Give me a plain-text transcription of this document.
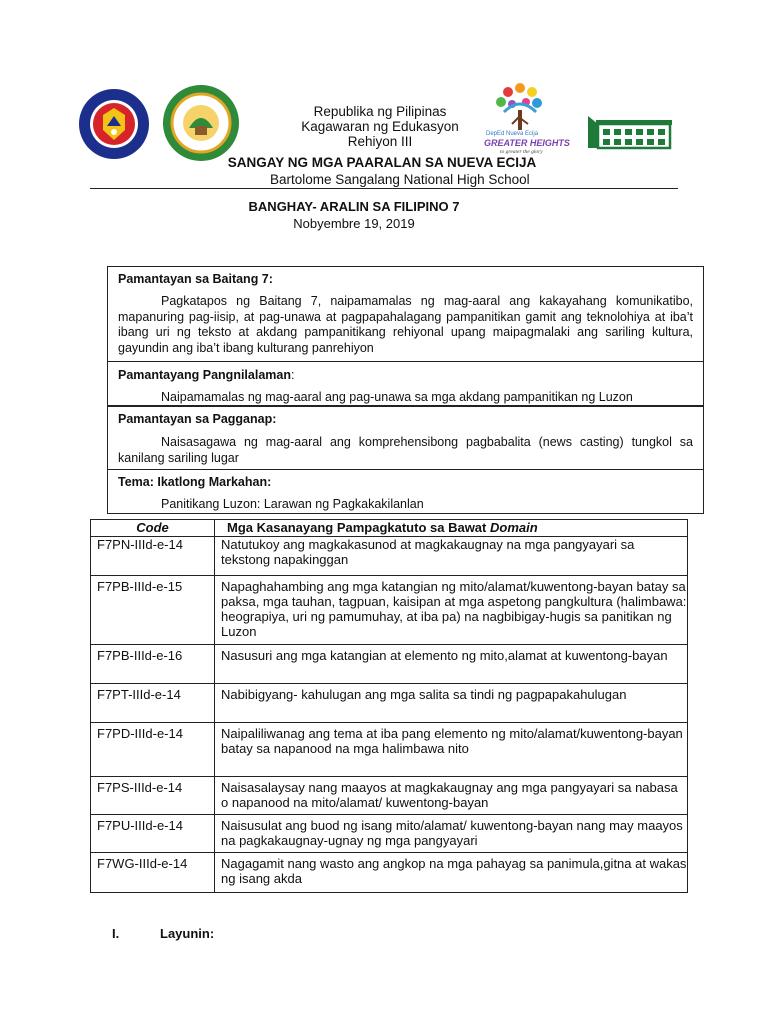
DepEd Nueva Ecija
GREATER HEIGHTS
to greater the glory
Republika ng Pilipinas
Kagawaran ng Edukasyon
Rehiyon III
SANGAY NG MGA PAARALAN SA NUEVA ECIJA
Bartolome Sangalang National High School
BANGHAY- ARALIN SA FILIPINO 7
Nobyembre 19, 2019
Pamantayan sa Baitang 7:
Pagkatapos ng Baitang 7, naipamamalas ng mag-aaral ang kakayahang komunikatibo, mapanuring pag-iisip, at pag-unawa at pagpapahalagang pampanitikan gamit ang teknolohiya at iba’t ibang uri ng teksto at akdang pampanitikang rehiyonal upang maipagmalaki ang sariling kultura, gayundin ang iba’t ibang kulturang panrehiyon
Pamantayang Pangnilalaman:
Naipamamalas ng mag-aaral ang pag-unawa sa mga akdang pampanitikan ng Luzon
Pamantayan sa Pagganap:
Naisasagawa ng mag-aaral ang komprehensibong pagbabalita (news casting) tungkol sa kanilang sariling lugar
Tema: Ikatlong Markahan:
Panitikang Luzon: Larawan ng Pagkakakilanlan
Code	Mga Kasanayang Pampagkatuto sa Bawat Domain
F7PN-IIId-e-14	Natutukoy ang magkakasunod at magkakaugnay na mga pangyayari sa tekstong napakinggan
F7PB-IIId-e-15	Napaghahambing ang mga katangian ng mito/alamat/kuwentong-bayan batay sa paksa, mga tauhan, tagpuan, kaisipan at mga aspetong pangkultura (halimbawa: heograpiya, uri ng pamumuhay, at iba pa) na nagbibigay-hugis sa panitikan ng Luzon
F7PB-IIId-e-16	Nasusuri ang mga katangian at elemento ng mito,alamat at kuwentong-bayan
F7PT-IIId-e-14	Nabibigyang- kahulugan ang mga salita sa tindi ng pagpapakahulugan
F7PD-IIId-e-14	Naipaliliwanag ang tema at iba pang elemento ng mito/alamat/kuwentong-bayan batay sa napanood na mga halimbawa nito
F7PS-IIId-e-14	Naisasalaysay nang maayos at magkakaugnay ang mga pangyayari sa nabasa o napanood na mito/alamat/ kuwentong-bayan
F7PU-IIId-e-14	Naisusulat ang buod ng isang mito/alamat/ kuwentong-bayan nang may maayos na pagkakaugnay-ugnay ng mga pangyayari
F7WG-IIId-e-14	Nagagamit nang wasto ang angkop na mga pahayag sa panimula,gitna at wakas ng isang akda
I.	Layunin:
